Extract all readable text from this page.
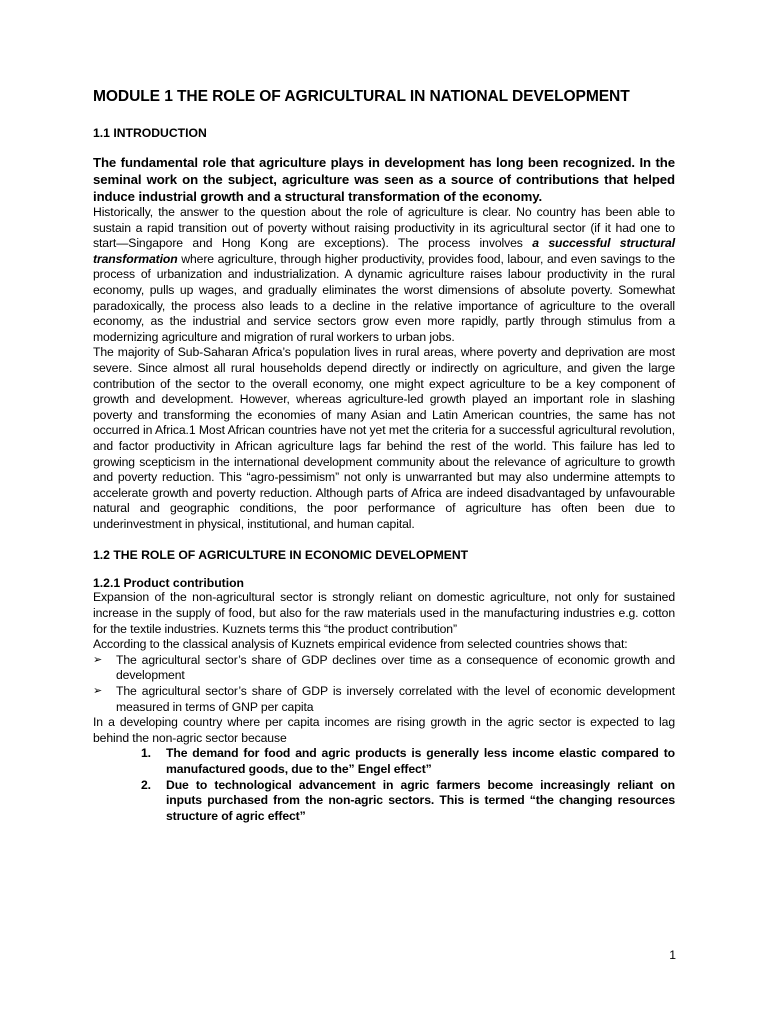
MODULE 1 THE ROLE OF AGRICULTURAL IN NATIONAL DEVELOPMENT
1.1 INTRODUCTION

The fundamental role that agriculture plays in development has long been recognized. In the seminal work on the subject, agriculture was seen as a source of contributions that helped induce industrial growth and a structural transformation of the economy.

Historically, the answer to the question about the role of agriculture is clear. No country has been able to sustain a rapid transition out of poverty without raising productivity in its agricultural sector (if it had one to start—Singapore and Hong Kong are exceptions). The process involves a successful structural transformation where agriculture, through higher productivity, provides food, labour, and even savings to the process of urbanization and industrialization. A dynamic agriculture raises labour productivity in the rural economy, pulls up wages, and gradually eliminates the worst dimensions of absolute poverty. Somewhat paradoxically, the process also leads to a decline in the relative importance of agriculture to the overall economy, as the industrial and service sectors grow even more rapidly, partly through stimulus from a modernizing agriculture and migration of rural workers to urban jobs.

The majority of Sub-Saharan Africa’s population lives in rural areas, where poverty and deprivation are most severe. Since almost all rural households depend directly or indirectly on agriculture, and given the large contribution of the sector to the overall economy, one might expect agriculture to be a key component of growth and development. However, whereas agriculture-led growth played an important role in slashing poverty and transforming the economies of many Asian and Latin American countries, the same has not occurred in Africa.1 Most African countries have not yet met the criteria for a successful agricultural revolution, and factor productivity in African agriculture lags far behind the rest of the world. This failure has led to growing scepticism in the international development community about the relevance of agriculture to growth and poverty reduction. This “agro-pessimism” not only is unwarranted but may also undermine attempts to accelerate growth and poverty reduction. Although parts of Africa are indeed disadvantaged by unfavourable natural and geographic conditions, the poor performance of agriculture has often been due to underinvestment in physical, institutional, and human capital.

1.2 THE ROLE OF AGRICULTURE IN ECONOMIC DEVELOPMENT
1.2.1 Product contribution

Expansion of the non-agricultural sector is strongly reliant on domestic agriculture, not only for sustained increase in the supply of food, but also for the raw materials used in the manufacturing industries e.g. cotton for the textile industries. Kuznets terms this “the product contribution”

According to the classical analysis of Kuznets empirical evidence from selected countries shows that:

➢ The agricultural sector’s share of GDP declines over time as a consequence of economic growth and development
➢ The agricultural sector’s share of GDP is inversely correlated with the level of economic development measured in terms of GNP per capita

In a developing country where per capita incomes are rising growth in the agric sector is expected to lag behind the non-agric sector because

1. The demand for food and agric products is generally less income elastic compared to manufactured goods, due to the” Engel effect”
2. Due to technological advancement in agric farmers become increasingly reliant on inputs purchased from the non-agric sectors. This is termed “the changing resources structure of agric effect”
1
